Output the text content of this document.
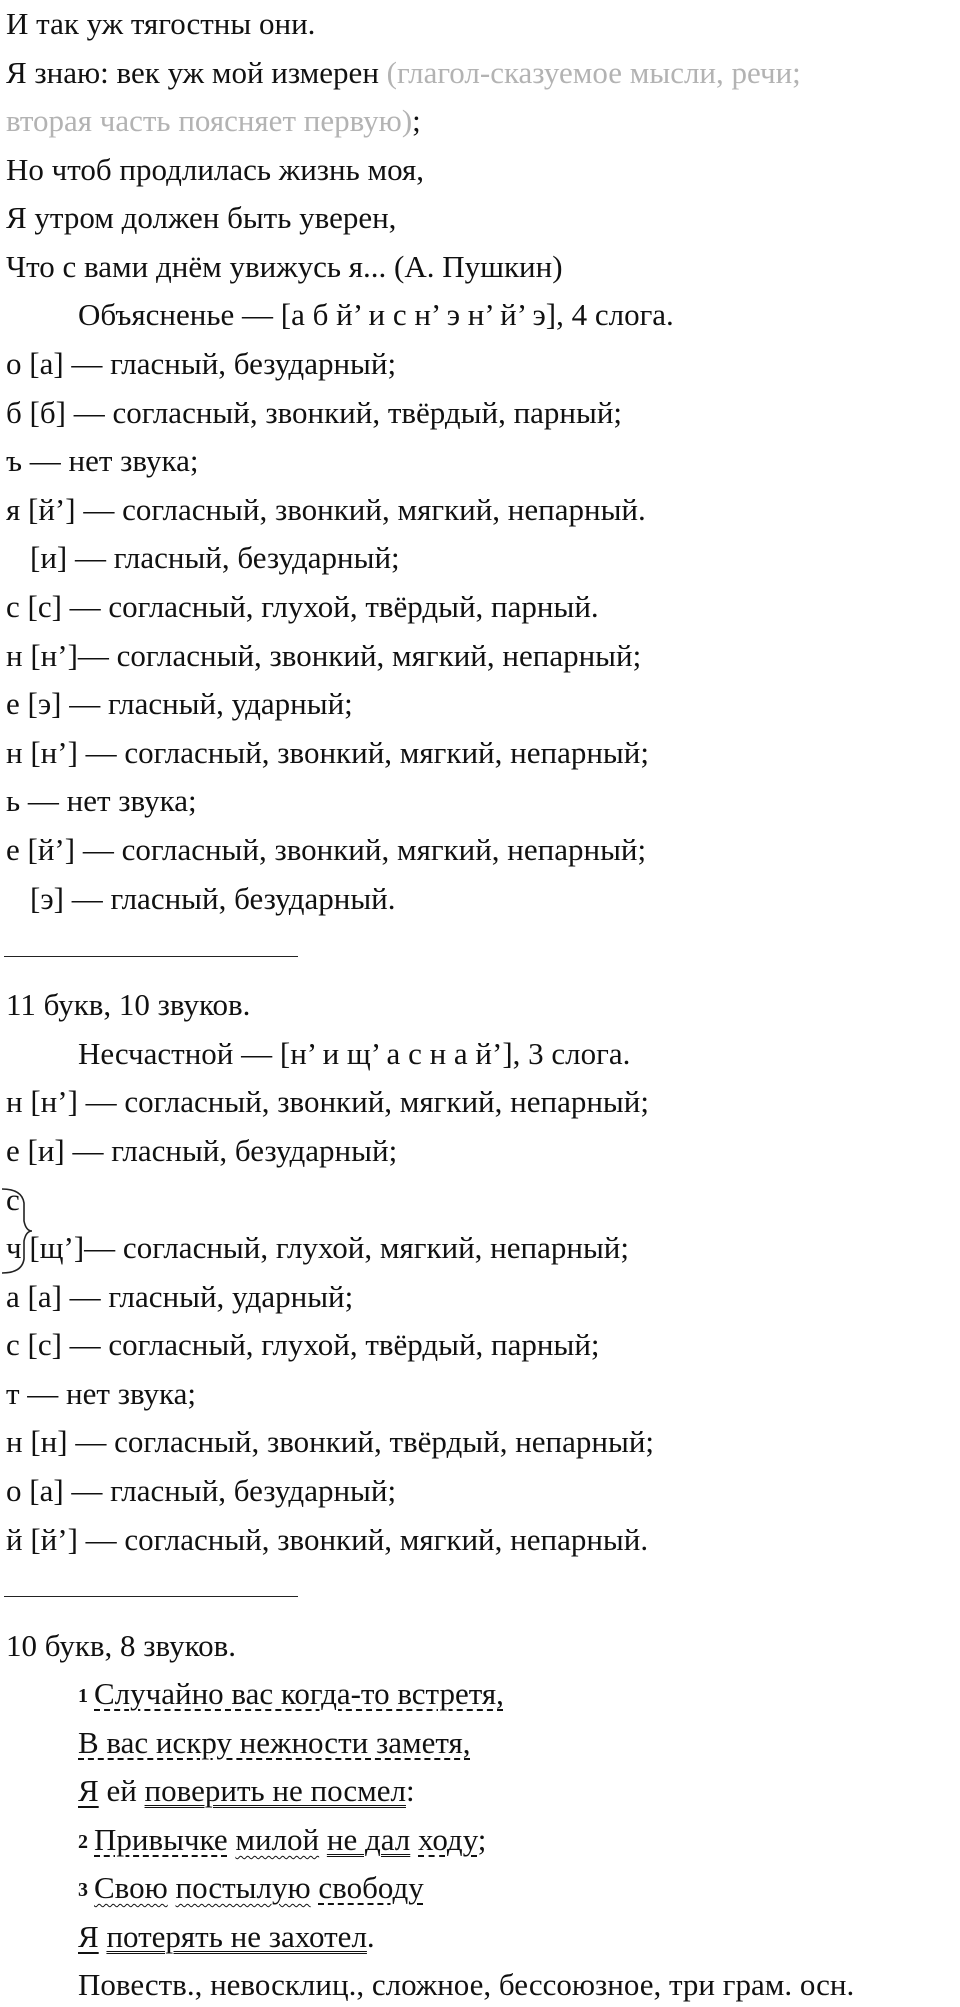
И так уж тягостны они.
Я знаю: век уж мой измерен (глагол-сказуемое мысли, речи;
вторая часть поясняет первую);
Но чтоб продлилась жизнь моя,
Я утром должен быть уверен,
Что с вами днём увижусь я... (А. Пушкин)
Объясненье — [а б й’ и с н’ э н’ й’ э], 4 слога.
о [а] — гласный, безударный;
б [б] — согласный, звонкий, твёрдый, парный;
ъ — нет звука;
я [й’] — согласный, звонкий, мягкий, непарный.
[и] — гласный, безударный;
с [с] — согласный, глухой, твёрдый, парный.
н [н’]— согласный, звонкий, мягкий, непарный;
е [э] — гласный, ударный;
н [н’] — согласный, звонкий, мягкий, непарный;
ь — нет звука;
е [й’] — согласный, звонкий, мягкий, непарный;
[э] — гласный, безударный.
11 букв, 10 звуков.
Несчастной — [н’ и щ’ а с н а й’], 3 слога.
н [н’] — согласный, звонкий, мягкий, непарный;
е [и] — гласный, безударный;
с
ч [щ’]— согласный, глухой, мягкий, непарный;
а [а] — гласный, ударный;
с [с] — согласный, глухой, твёрдый, парный;
т — нет звука;
н [н] — согласный, звонкий, твёрдый, непарный;
о [а] — гласный, безударный;
й [й’] — согласный, звонкий, мягкий, непарный.
10 букв, 8 звуков.
1 Случайно вас когда-то встретя,
В вас искру нежности заметя,
Я ей поверить не посмел:
2 Привычке милой не дал ходу;
3 Свою постылую свободу
Я потерять не захотел.
Повеств., невосклиц., сложное, бессоюзное, три грам. осн.
